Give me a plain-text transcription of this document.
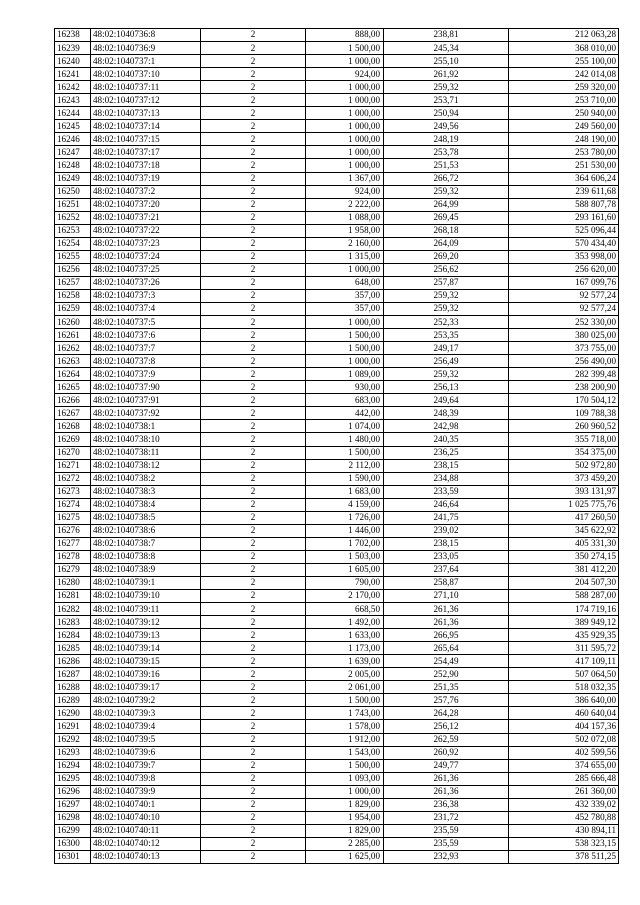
16238	48:02:1040736:8	2	888,00	238,81	212 063,28
16239	48:02:1040736:9	2	1 500,00	245,34	368 010,00
16240	48:02:1040737:1	2	1 000,00	255,10	255 100,00
16241	48:02:1040737:10	2	924,00	261,92	242 014,08
16242	48:02:1040737:11	2	1 000,00	259,32	259 320,00
16243	48:02:1040737:12	2	1 000,00	253,71	253 710,00
16244	48:02:1040737:13	2	1 000,00	250,94	250 940,00
16245	48:02:1040737:14	2	1 000,00	249,56	249 560,00
16246	48:02:1040737:15	2	1 000,00	248,19	248 190,00
16247	48:02:1040737:17	2	1 000,00	253,78	253 780,00
16248	48:02:1040737:18	2	1 000,00	251,53	251 530,00
16249	48:02:1040737:19	2	1 367,00	266,72	364 606,24
16250	48:02:1040737:2	2	924,00	259,32	239 611,68
16251	48:02:1040737:20	2	2 222,00	264,99	588 807,78
16252	48:02:1040737:21	2	1 088,00	269,45	293 161,60
16253	48:02:1040737:22	2	1 958,00	268,18	525 096,44
16254	48:02:1040737:23	2	2 160,00	264,09	570 434,40
16255	48:02:1040737:24	2	1 315,00	269,20	353 998,00
16256	48:02:1040737:25	2	1 000,00	256,62	256 620,00
16257	48:02:1040737:26	2	648,00	257,87	167 099,76
16258	48:02:1040737:3	2	357,00	259,32	92 577,24
16259	48:02:1040737:4	2	357,00	259,32	92 577,24
16260	48:02:1040737:5	2	1 000,00	252,33	252 330,00
16261	48:02:1040737:6	2	1 500,00	253,35	380 025,00
16262	48:02:1040737:7	2	1 500,00	249,17	373 755,00
16263	48:02:1040737:8	2	1 000,00	256,49	256 490,00
16264	48:02:1040737:9	2	1 089,00	259,32	282 399,48
16265	48:02:1040737:90	2	930,00	256,13	238 200,90
16266	48:02:1040737:91	2	683,00	249,64	170 504,12
16267	48:02:1040737:92	2	442,00	248,39	109 788,38
16268	48:02:1040738:1	2	1 074,00	242,98	260 960,52
16269	48:02:1040738:10	2	1 480,00	240,35	355 718,00
16270	48:02:1040738:11	2	1 500,00	236,25	354 375,00
16271	48:02:1040738:12	2	2 112,00	238,15	502 972,80
16272	48:02:1040738:2	2	1 590,00	234,88	373 459,20
16273	48:02:1040738:3	2	1 683,00	233,59	393 131,97
16274	48:02:1040738:4	2	4 159,00	246,64	1 025 775,76
16275	48:02:1040738:5	2	1 726,00	241,75	417 260,50
16276	48:02:1040738:6	2	1 446,00	239,02	345 622,92
16277	48:02:1040738:7	2	1 702,00	238,15	405 331,30
16278	48:02:1040738:8	2	1 503,00	233,05	350 274,15
16279	48:02:1040738:9	2	1 605,00	237,64	381 412,20
16280	48:02:1040739:1	2	790,00	258,87	204 507,30
16281	48:02:1040739:10	2	2 170,00	271,10	588 287,00
16282	48:02:1040739:11	2	668,50	261,36	174 719,16
16283	48:02:1040739:12	2	1 492,00	261,36	389 949,12
16284	48:02:1040739:13	2	1 633,00	266,95	435 929,35
16285	48:02:1040739:14	2	1 173,00	265,64	311 595,72
16286	48:02:1040739:15	2	1 639,00	254,49	417 109,11
16287	48:02:1040739:16	2	2 005,00	252,90	507 064,50
16288	48:02:1040739:17	2	2 061,00	251,35	518 032,35
16289	48:02:1040739:2	2	1 500,00	257,76	386 640,00
16290	48:02:1040739:3	2	1 743,00	264,28	460 640,04
16291	48:02:1040739:4	2	1 578,00	256,12	404 157,36
16292	48:02:1040739:5	2	1 912,00	262,59	502 072,08
16293	48:02:1040739:6	2	1 543,00	260,92	402 599,56
16294	48:02:1040739:7	2	1 500,00	249,77	374 655,00
16295	48:02:1040739:8	2	1 093,00	261,36	285 666,48
16296	48:02:1040739:9	2	1 000,00	261,36	261 360,00
16297	48:02:1040740:1	2	1 829,00	236,38	432 339,02
16298	48:02:1040740:10	2	1 954,00	231,72	452 780,88
16299	48:02:1040740:11	2	1 829,00	235,59	430 894,11
16300	48:02:1040740:12	2	2 285,00	235,59	538 323,15
16301	48:02:1040740:13	2	1 625,00	232,93	378 511,25
